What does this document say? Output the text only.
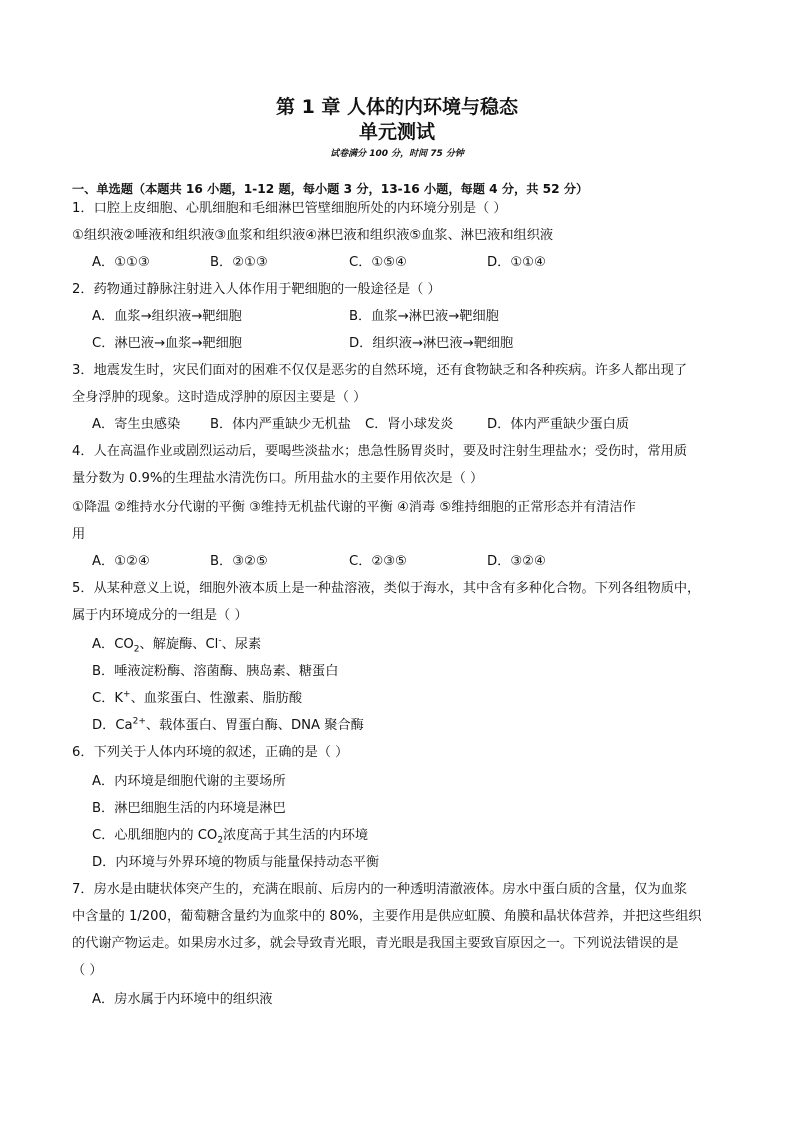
第 1 章 人体的内环境与稳态
单元测试
试卷满分 100 分，时间 75 分钟
一、单选题（本题共 16 小题，1-12 题，每小题 3 分，13-16 小题，每题 4 分，共 52 分）
1．口腔上皮细胞、心肌细胞和毛细淋巴管壁细胞所处的内环境分别是（ ）
①组织液②唾液和组织液③血浆和组织液④淋巴液和组织液⑤血浆、淋巴液和组织液
A．①①③	B．②①③	C．①⑤④	D．①①④
2．药物通过静脉注射进入人体作用于靶细胞的一般途径是（ ）
A．血浆→组织液→靶细胞	B．血浆→淋巴液→靶细胞
C．淋巴液→血浆→靶细胞	D．组织液→淋巴液→靶细胞
3．地震发生时，灾民们面对的困难不仅仅是恶劣的自然环境，还有食物缺乏和各种疾病。许多人都出现了
全身浮肿的现象。这时造成浮肿的原因主要是（ ）
A．寄生虫感染 B．体内严重缺少无机盐 C．肾小球发炎	D．体内严重缺少蛋白质
4．人在高温作业或剧烈运动后，要喝些淡盐水；患急性肠胃炎时，要及时注射生理盐水；受伤时，常用质
量分数为 0.9%的生理盐水清洗伤口。所用盐水的主要作用依次是（ ）
①降温 ②维持水分代谢的平衡 ③维持无机盐代谢的平衡 ④消毒 ⑤维持细胞的正常形态并有清洁作
用
A．①②④	B．③②⑤	C．②③⑤	D．③②④
5．从某种意义上说，细胞外液本质上是一种盐溶液，类似于海水，其中含有多种化合物。下列各组物质中，
属于内环境成分的一组是（ ）
A．$CO_2$、解旋酶、Cl-、尿素
B．唾液淀粉酶、溶菌酶、胰岛素、糖蛋白
C．K+、血浆蛋白、性激素、脂肪酸
D．$Ca^{2+}$、载体蛋白、胃蛋白酶、DNA 聚合酶
6．下列关于人体内环境的叙述，正确的是（ ）
A．内环境是细胞代谢的主要场所
B．淋巴细胞生活的内环境是淋巴
C．心肌细胞内的 $CO_2$浓度高于其生活的内环境
D．内环境与外界环境的物质与能量保持动态平衡
7．房水是由睫状体突产生的，充满在眼前、后房内的一种透明清澈液体。房水中蛋白质的含量，仅为血浆
中含量的 1/200，葡萄糖含量约为血浆中的 80%，主要作用是供应虹膜、角膜和晶状体营养，并把这些组织
的代谢产物运走。如果房水过多，就会导致青光眼，青光眼是我国主要致盲原因之一。下列说法错误的是
（ ）
A．房水属于内环境中的组织液
